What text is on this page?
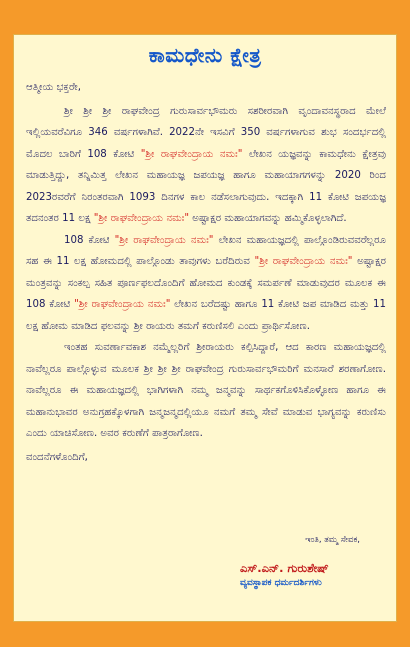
ಕಾಮಧೇನು ಕ್ಷೇತ್ರ

ಆತ್ಮೀಯ ಭಕ್ತರೇ,

ಶ್ರೀ ಶ್ರೀ ಶ್ರೀ ರಾಘವೇಂದ್ರ ಗುರುಸಾರ್ವಭೌಮರು ಸಶರೀರವಾಗಿ ವೃಂದಾವನಸ್ಥರಾದ ಮೇಲೆ ಇಲ್ಲಿಯವರೆವಿಗೂ 346 ವರ್ಷಗಳಾಗಿವೆ. 2022ನೇ ಇಸವಿಗೆ 350 ವರ್ಷಗಳಾಗುವ ಶುಭ ಸಂದರ್ಭದಲ್ಲಿ ಮೊದಲ ಬಾರಿಗೆ 108 ಕೋಟಿ "ಶ್ರೀ ರಾಘವೇಂದ್ರಾಯ ನಮಃ" ಲೇಖನ ಯಜ್ಞವನ್ನು ಕಾಮಧೇನು ಕ್ಷೇತ್ರವು ಮಾಡುತ್ತಿದ್ದು, ತನ್ನಿಮಿತ್ತ ಲೇಖನ ಮಹಾಯಜ್ಞ ಜಪಯಜ್ಞ ಹಾಗೂ ಮಹಾಯಾಗಗಳನ್ನು 2020 ರಿಂದ 2023ರವರೆಗೆ ನಿರಂತರವಾಗಿ 1093 ದಿನಗಳ ಕಾಲ ನಡೆಸಲಾಗುವುದು. ಇದಕ್ಕಾಗಿ 11 ಕೋಟಿ ಜಪಯಜ್ಞ ತದನಂತರ 11 ಲಕ್ಷ "ಶ್ರೀ ರಾಘವೇಂದ್ರಾಯ ನಮಃ" ಅಷ್ಟಾಕ್ಷರ ಮಹಾಯಾಗವನ್ನು ಹಮ್ಮಿಕೊಳ್ಳಲಾಗಿದೆ.

108 ಕೋಟಿ "ಶ್ರೀ ರಾಘವೇಂದ್ರಾಯ ನಮಃ" ಲೇಖನ ಮಹಾಯಜ್ಞದಲ್ಲಿ ಪಾಲ್ಗೊಂಡಿರುವವರೆಲ್ಲರೂ ಸಹ ಈ 11 ಲಕ್ಷ ಹೋಮದಲ್ಲಿ ಪಾಲ್ಗೊಂಡು ತಾವುಗಳು ಬರೆದಿರುವ "ಶ್ರೀ ರಾಘವೇಂದ್ರಾಯ ನಮಃ" ಅಷ್ಟಾಕ್ಷರ ಮಂತ್ರವನ್ನು ಸಂಕಲ್ಪ ಸಹಿತ ಪೂರ್ಣಫಲದೊಂದಿಗೆ ಹೋಮದ ಕುಂಡಕ್ಕೆ ಸಮರ್ಪಣೆ ಮಾಡುವುದರ ಮೂಲಕ ಈ 108 ಕೋಟಿ "ಶ್ರೀ ರಾಘವೇಂದ್ರಾಯ ನಮಃ" ಲೇಖನ ಬರೆದಷ್ಟು ಹಾಗೂ 11 ಕೋಟಿ ಜಪ ಮಾಡಿದ ಮತ್ತು 11 ಲಕ್ಷ ಹೋಮ ಮಾಡಿದ ಫಲವನ್ನು ಶ್ರೀ ರಾಯರು ತಮಗೆ ಕರುಣಿಸಲಿ ಎಂದು ಪ್ರಾರ್ಥಿಸೋಣ.

ಇಂತಹ ಸುವರ್ಣಾವಕಾಶ ನಮ್ಮೆಲ್ಲರಿಗೆ ಶ್ರೀರಾಯರು ಕಲ್ಪಿಸಿದ್ದಾರೆ, ಆದ ಕಾರಣ ಮಹಾಯಜ್ಞದಲ್ಲಿ ನಾವೆಲ್ಲರೂ ಪಾಲ್ಗೊಳ್ಳುವ ಮೂಲಕ ಶ್ರೀ ಶ್ರೀ ಶ್ರೀ ರಾಘವೇಂದ್ರ ಗುರುಸಾರ್ವಭೌಮರಿಗೆ ಮನಸಾರೆ ಶರಣಾಗೋಣ. ನಾವೆಲ್ಲರೂ ಈ ಮಹಾಯಜ್ಞದಲ್ಲಿ ಭಾಗಿಗಳಾಗಿ ನಮ್ಮ ಜನ್ಮವನ್ನು ಸಾರ್ಥಕಗೊಳಿಸಿಕೊಳ್ಳೋಣ ಹಾಗೂ ಈ ಮಹಾನುಭಾವರ ಅನುಗ್ರಹಕ್ಕೊಳಗಾಗಿ ಜನ್ಮಜನ್ಮದಲ್ಲಿಯೂ ನಮಗೆ ತಮ್ಮ ಸೇವೆ ಮಾಡುವ ಭಾಗ್ಯವನ್ನು ಕರುಣಿಸು ಎಂದು ಯಾಚಿಸೋಣ. ಅವರ ಕರುಣೆಗೆ ಪಾತ್ರರಾಗೋಣ.

ವಂದನೆಗಳೊಂದಿಗೆ,

ಇಂತಿ, ತಮ್ಮ ಸೇವಕ,
ಎಸ್.ಎನ್. ಗುರುಶೇಷ್
ವ್ಯವಸ್ಥಾಪಕ ಧರ್ಮದರ್ಶಿಗಳು
